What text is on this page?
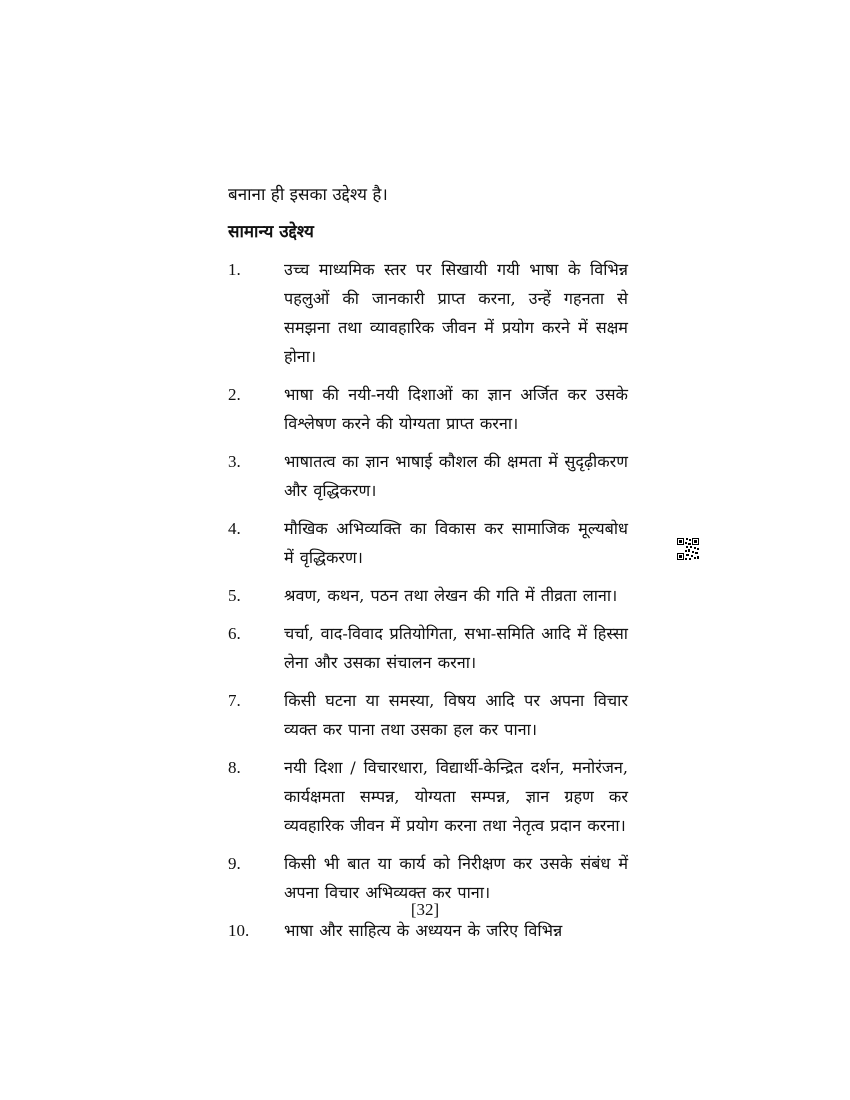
बनाना ही इसका उद्देश्य है।
सामान्य उद्देश्य
1.	उच्च माध्यमिक स्तर पर सिखायी गयी भाषा के विभिन्न पहलुओं की जानकारी प्राप्त करना, उन्हें गहनता से समझना तथा व्यावहारिक जीवन में प्रयोग करने में सक्षम होना।
2.	भाषा की नयी-नयी दिशाओं का ज्ञान अर्जित कर उसके विश्लेषण करने की योग्यता प्राप्त करना।
3.	भाषातत्व का ज्ञान भाषाई कौशल की क्षमता में सुदृढ़ीकरण और वृद्धिकरण।
4.	मौखिक अभिव्यक्ति का विकास कर सामाजिक मूल्यबोध में वृद्धिकरण।
5.	श्रवण, कथन, पठन तथा लेखन की गति में तीव्रता लाना।
6.	चर्चा, वाद-विवाद प्रतियोगिता, सभा-समिति आदि में हिस्सा लेना और उसका संचालन करना।
7.	किसी घटना या समस्या, विषय आदि पर अपना विचार व्यक्त कर पाना तथा उसका हल कर पाना।
8.	नयी दिशा / विचारधारा, विद्यार्थी-केन्द्रित दर्शन, मनोरंजन, कार्यक्षमता सम्पन्न, योग्यता सम्पन्न, ज्ञान ग्रहण कर व्यवहारिक जीवन में प्रयोग करना तथा नेतृत्व प्रदान करना।
9.	किसी भी बात या कार्य को निरीक्षण कर उसके संबंध में अपना विचार अभिव्यक्त कर पाना।
10.	भाषा और साहित्य के अध्ययन के जरिए विभिन्न
[32]
